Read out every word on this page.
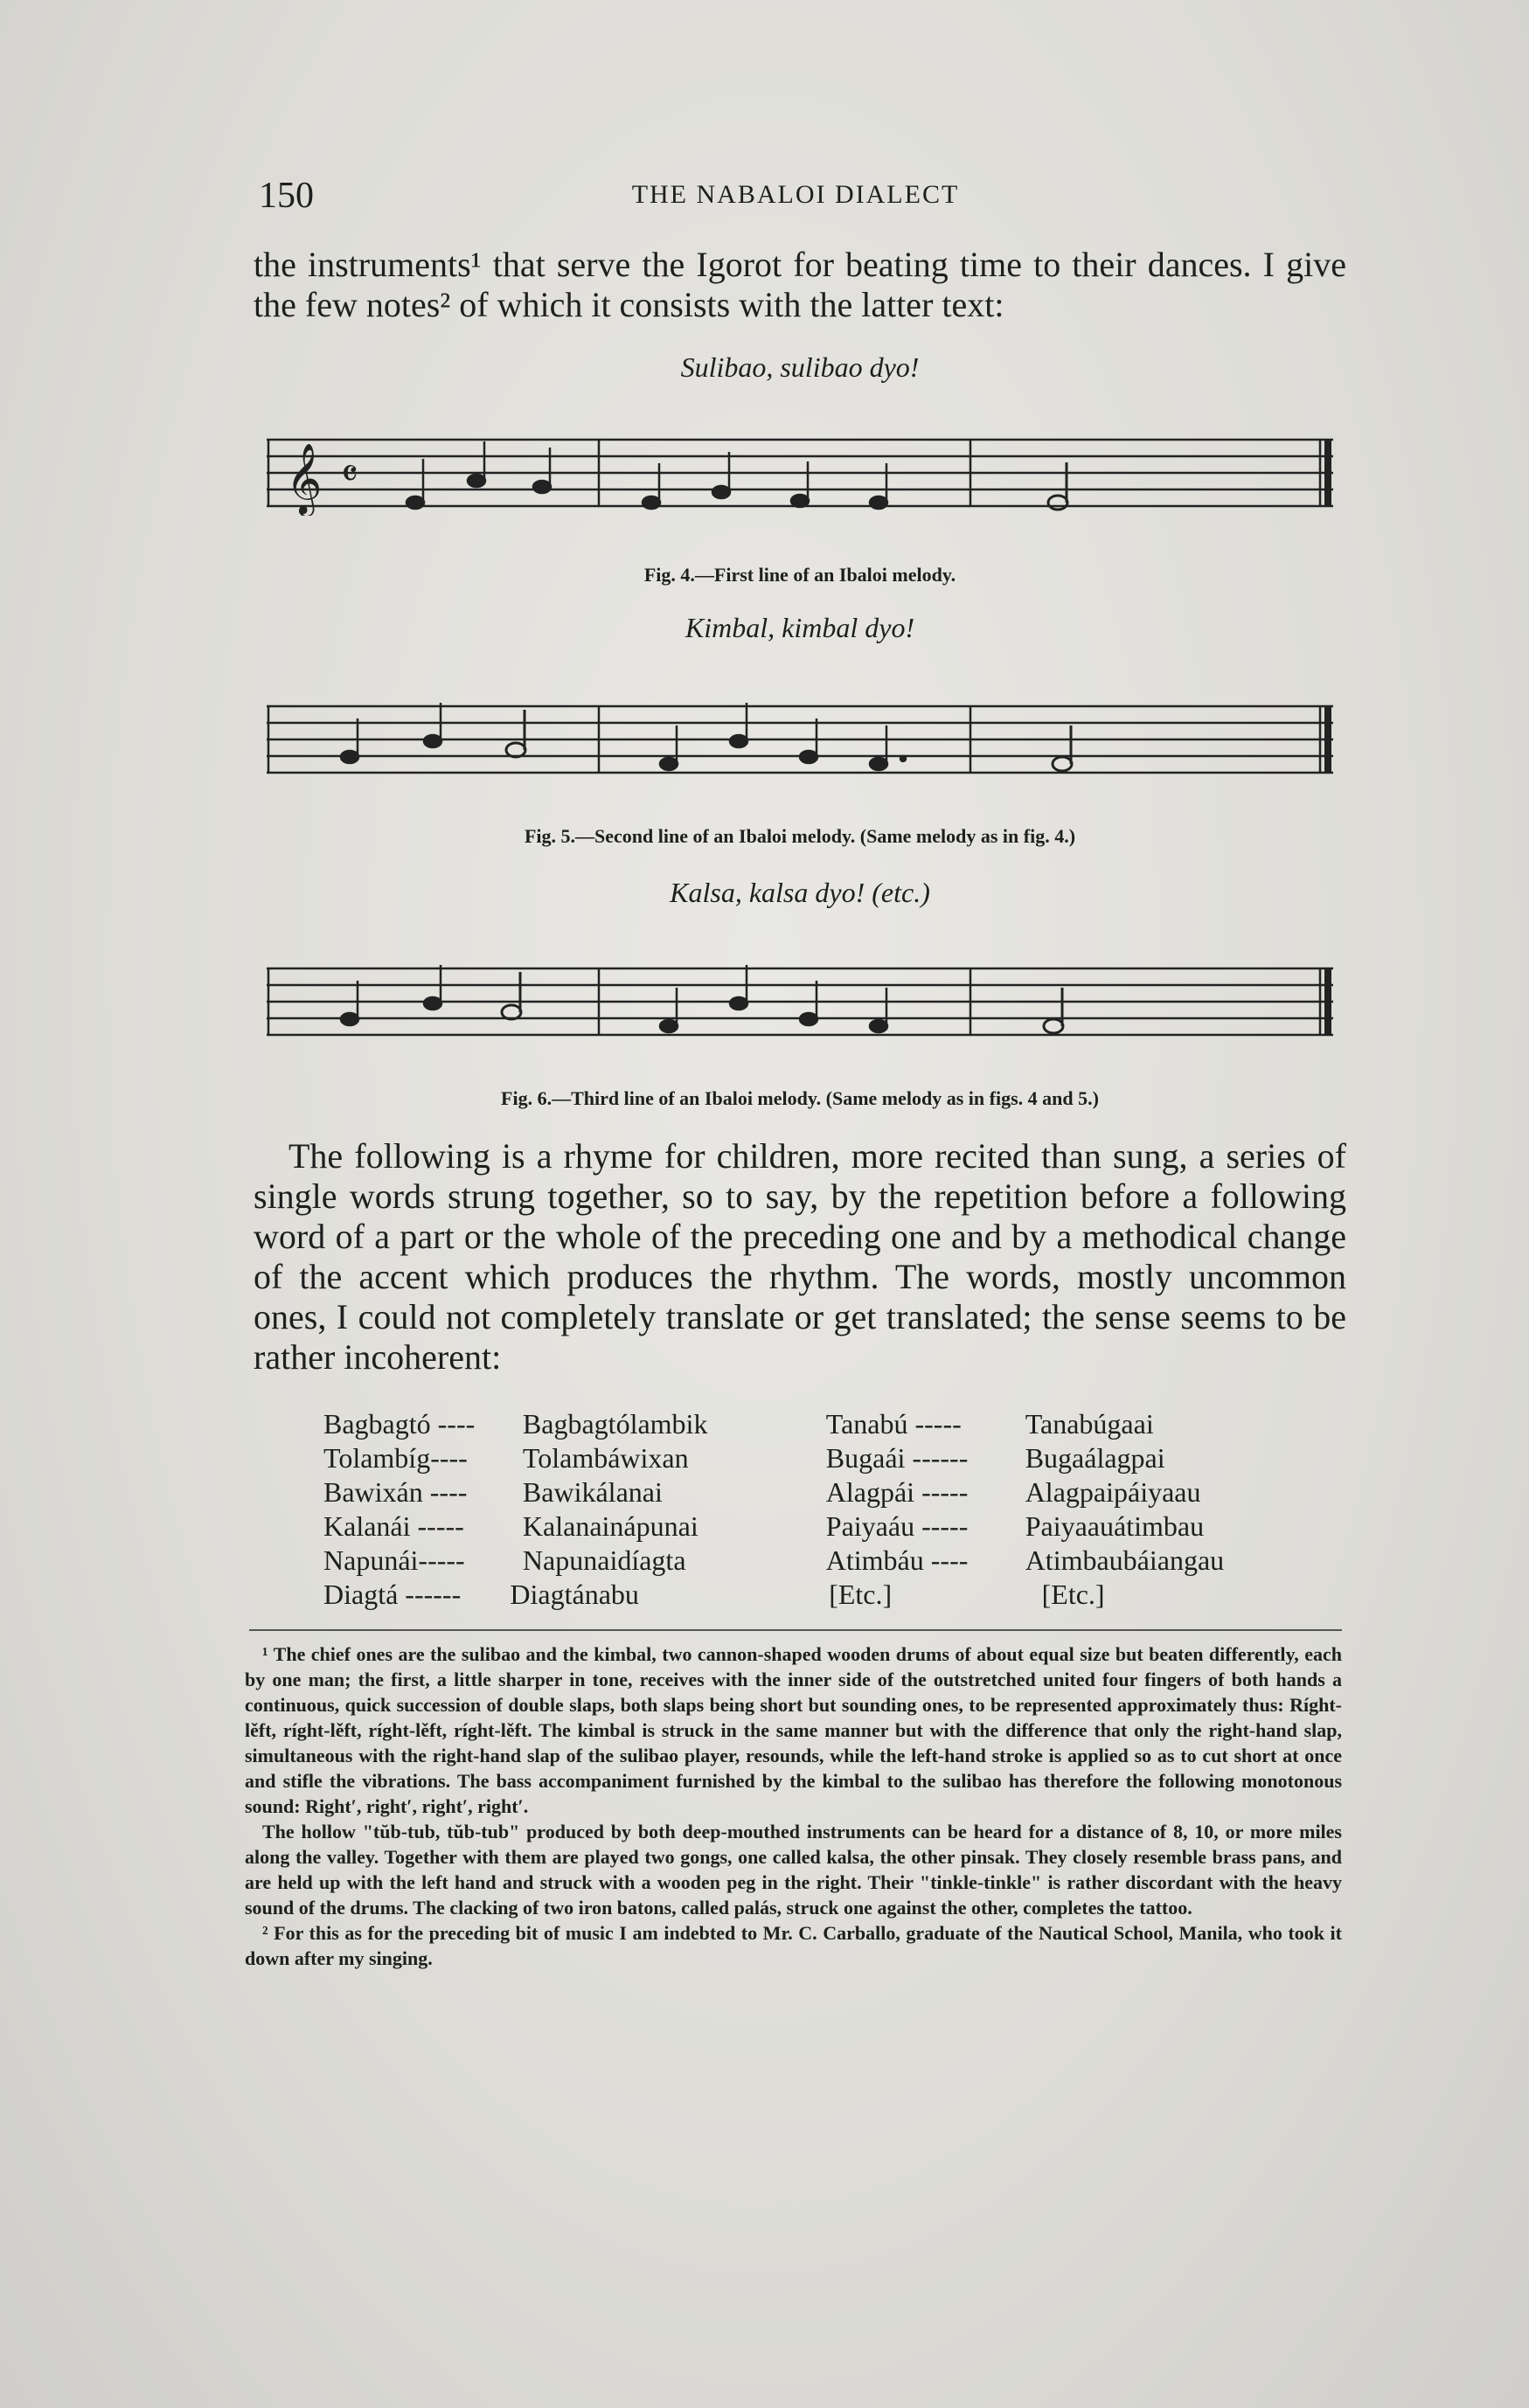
150	THE NABALOI DIALECT
the instruments¹ that serve the Igorot for beating time to their dances. I give the few notes² of which it consists with the latter text:
Sulibao, sulibao dyo!
𝄞 𝄴
Fig. 4.—First line of an Ibaloi melody.
Kimbal, kimbal dyo!
Fig. 5.—Second line of an Ibaloi melody. (Same melody as in fig. 4.)
Kalsa, kalsa dyo! (etc.)
Fig. 6.—Third line of an Ibaloi melody. (Same melody as in figs. 4 and 5.)
The following is a rhyme for children, more recited than sung, a series of single words strung together, so to say, by the repetition before a following word of a part or the whole of the preceding one and by a methodical change of the accent which produces the rhythm. The words, mostly uncommon ones, I could not completely translate or get translated; the sense seems to be rather incoherent:
Bagbagtó ----	Bagbagtólambik	Tanabú -----	Tanabúgaai
Tolambíg----	Tolambáwixan	Bugaái ------	Bugaálagpai
Bawixán ----	Bawikálanai	Alagpái -----	Alagpaipáiyaau
Kalanái -----	Kalanainápunai	Paiyaáu -----	Paiyaauátimbau
Napunái-----	Napunaidíagta	Atimbáu ----	Atimbaubáiangau
Diagtá ------	Diagtánabu	[Etc.]	[Etc.]

¹ The chief ones are the sulibao and the kimbal, two cannon-shaped wooden drums of about equal size but beaten differently, each by one man; the first, a little sharper in tone, receives with the inner side of the outstretched united four fingers of both hands a continuous, quick succession of double slaps, both slaps being short but sounding ones, to be represented approximately thus: Ríght-lěft, ríght-lěft, ríght-lěft, ríght-lěft. The kimbal is struck in the same manner but with the difference that only the right-hand slap, simultaneous with the right-hand slap of the sulibao player, resounds, while the left-hand stroke is applied so as to cut short at once and stifle the vibrations. The bass accompaniment furnished by the kimbal to the sulibao has therefore the following monotonous sound: Right′, right′, right′, right′.

The hollow "tŭb-tub, tŭb-tub" produced by both deep-mouthed instruments can be heard for a distance of 8, 10, or more miles along the valley. Together with them are played two gongs, one called kalsa, the other pinsak. They closely resemble brass pans, and are held up with the left hand and struck with a wooden peg in the right. Their "tinkle-tinkle" is rather discordant with the heavy sound of the drums. The clacking of two iron batons, called palás, struck one against the other, completes the tattoo.

² For this as for the preceding bit of music I am indebted to Mr. C. Carballo, graduate of the Nautical School, Manila, who took it down after my singing.
